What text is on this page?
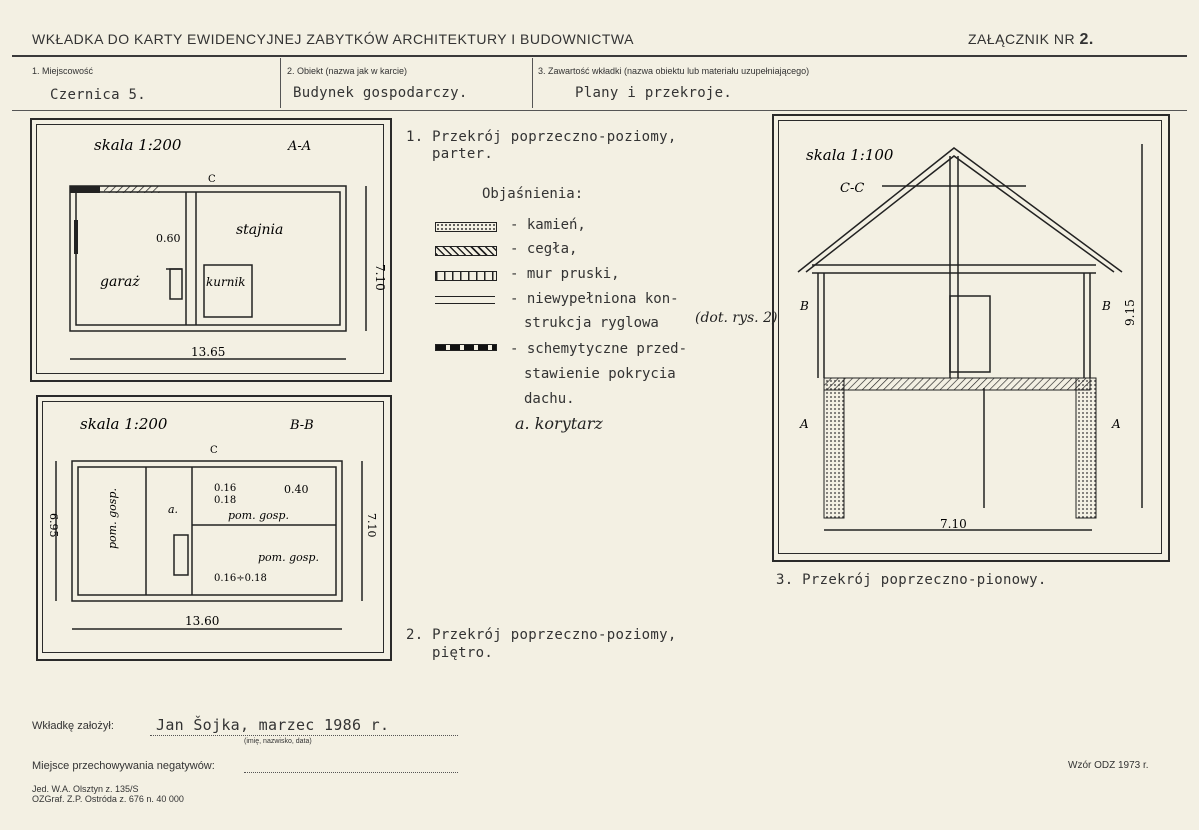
WKŁADKA DO KARTY EWIDENCYJNEJ ZABYTKÓW ARCHITEKTURY I BUDOWNICTWA	ZAŁĄCZNIK NR 2.
1. Miejscowość	2. Obiekt (nazwa jak w karcie)	3. Zawartość wkładki (nazwa obiektu lub materiału uzupełniającego)
Czernica 5.	Budynek gospodarczy.	Plany i przekroje.
skala 1:200	A-A
C
stajnia
garaż	kurnik
0.60
13.65
7.10
skala 1:200	B-B
C
0.16
0.18
0.40
pom. gosp.
pom. gosp.
pom. gosp.	a.
0.16÷0.18
13.60
6.95	7.10
1. Przekrój poprzeczno-poziomy,
parter.
2. Przekrój poprzeczno-poziomy,
piętro.
3. Przekrój poprzeczno-pionowy.
Objaśnienia:
- kamień,
- cegła,
- mur pruski,
- niewypełniona kon-
strukcja ryglowa	(dot. rys. 2)
- schemytyczne przed-
stawienie pokrycia
dachu.
a. korytarz
skala 1:100
C-C
B	B
A	A
7.10
9.15
Wkładkę założył:	Jan Šojka, marzec 1986 r.
(imię, nazwisko, data)
Miejsce przechowywania negatywów:
Jed. W.A. Olsztyn z. 135/S
OZGraf. Z.P. Ostróda z. 676 n. 40 000
Wzór ODZ 1973 r.
